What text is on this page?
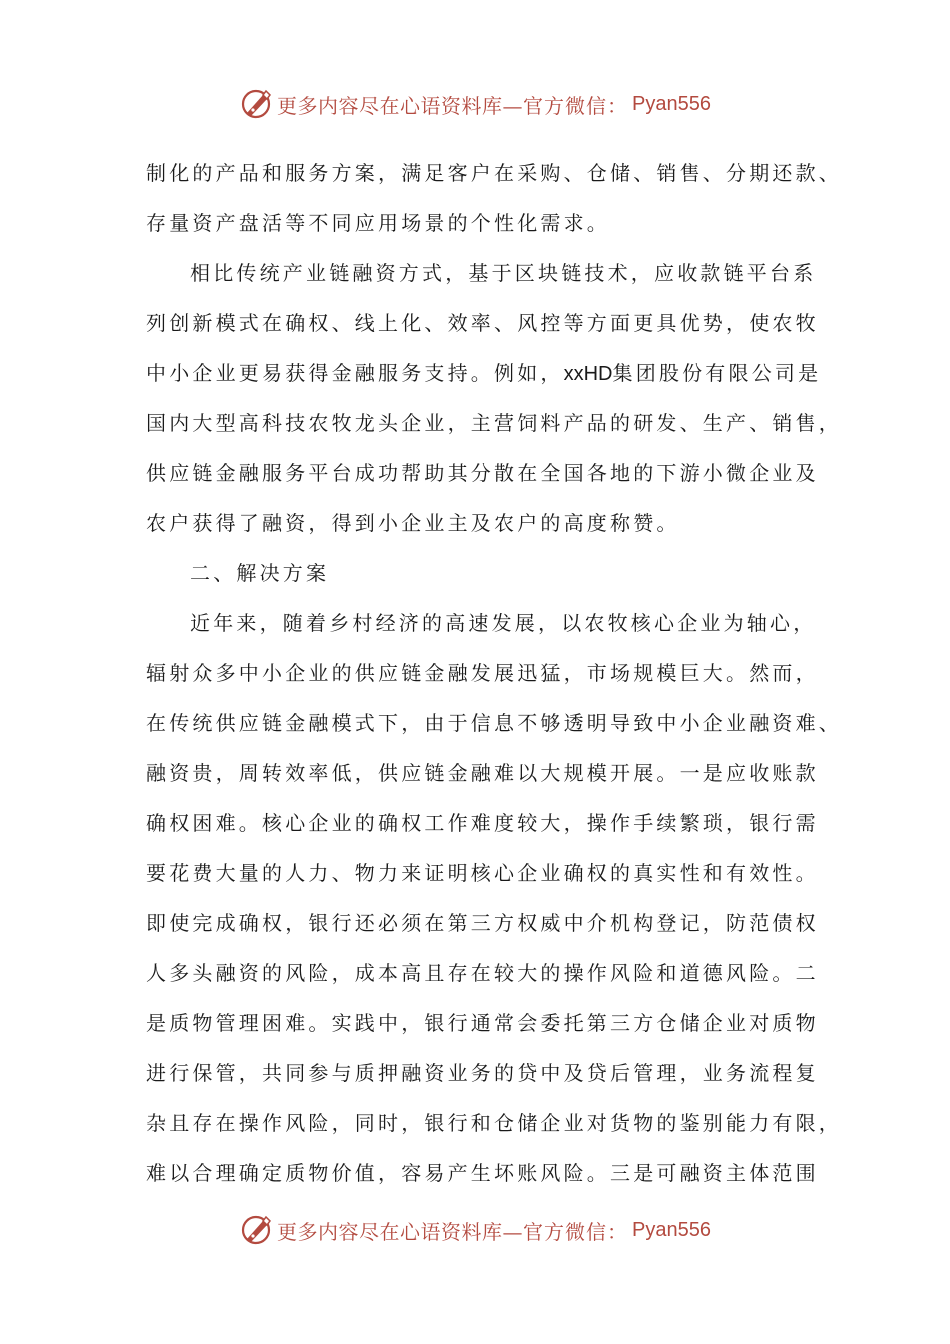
更多内容尽在心语资料库— 官方微信： Pyan556
制化的产品和服务方案，满足客户在采购、仓储、销售、分期还款、
存量资产盘活等不同应用场景的个性化需求。
相比传统产业链融资方式，基于区块链技术，应收款链平台系
列创新模式在确权、线上化、效率、风控等方面更具优势，使农牧
中小企业更易获得金融服务支持。例如，xxHD集团股份有限公司是
国内大型高科技农牧龙头企业，主营饲料产品的研发、生产、销售，
供应链金融服务平台成功帮助其分散在全国各地的下游小微企业及
农户获得了融资，得到小企业主及农户的高度称赞。
二、解决方案
近年来，随着乡村经济的高速发展，以农牧核心企业为轴心，
辐射众多中小企业的供应链金融发展迅猛，市场规模巨大。然而，
在传统供应链金融模式下，由于信息不够透明导致中小企业融资难、
融资贵，周转效率低，供应链金融难以大规模开展。一是应收账款
确权困难。核心企业的确权工作难度较大，操作手续繁琐，银行需
要花费大量的人力、物力来证明核心企业确权的真实性和有效性。
即使完成确权，银行还必须在第三方权威中介机构登记，防范债权
人多头融资的风险，成本高且存在较大的操作风险和道德风险。二
是质物管理困难。实践中，银行通常会委托第三方仓储企业对质物
进行保管，共同参与质押融资业务的贷中及贷后管理，业务流程复
杂且存在操作风险，同时，银行和仓储企业对货物的鉴别能力有限，
难以合理确定质物价值，容易产生坏账风险。三是可融资主体范围
更多内容尽在心语资料库— 官方微信： Pyan556
